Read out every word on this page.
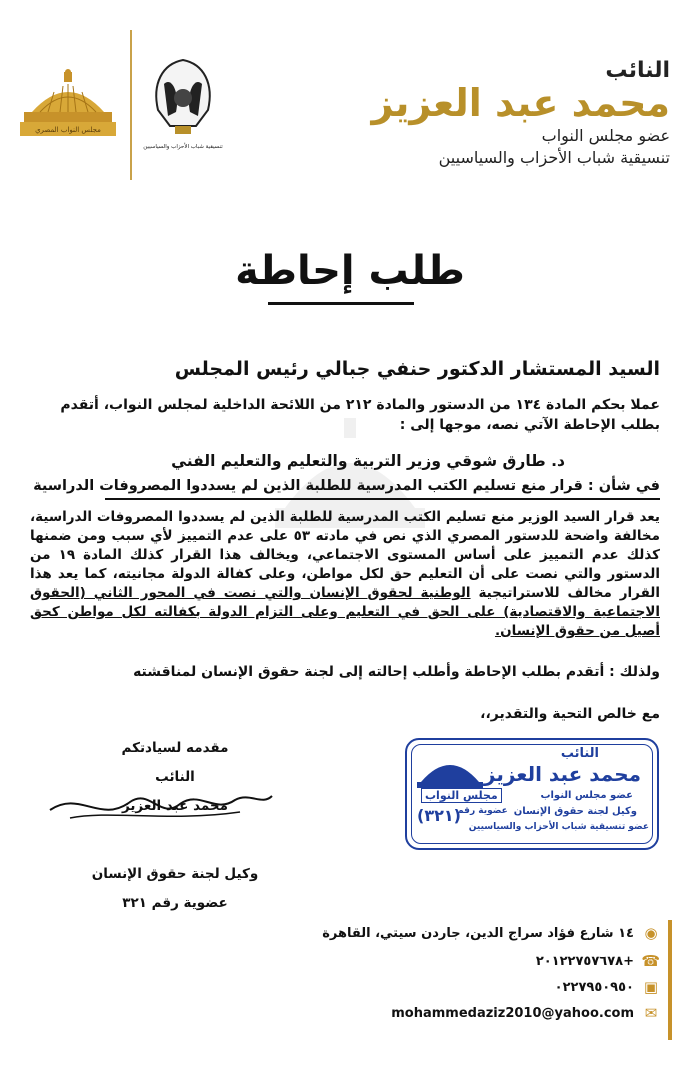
النائب
محمد عبد العزيز
عضو مجلس النواب
تنسيقية شباب الأحزاب والسياسيين
مجلس النواب المصري
تنسيقية شباب الأحزاب والسياسيين
طلب إحاطة
السيد المستشار الدكتور حنفي جبالي رئيس المجلس
عملا بحكم المادة ١٣٤ من الدستور والمادة ٢١٢ من اللائحة الداخلية لمجلس النواب، أتقدم بطلب الإحاطة الآتي نصه، موجها إلى :
د. طارق شوقي وزير التربية والتعليم والتعليم الفني
في شأن : قرار منع تسليم الكتب المدرسية للطلبة الذين لم يسددوا المصروفات الدراسية
يعد قرار السيد الوزير منع تسليم الكتب المدرسية للطلبة الذين لم يسددوا المصروفات الدراسية، مخالفة واضحة للدستور المصري الذي نص في مادته ٥٣ على عدم التمييز لأي سبب ومن ضمنها كذلك عدم التمييز على أساس المستوى الاجتماعي، ويخالف هذا القرار كذلك المادة ١٩ من الدستور والتي نصت على أن التعليم حق لكل مواطن، وعلى كفالة الدولة مجانيته، كما يعد هذا القرار مخالف للاستراتيجية الوطنية لحقوق الإنسان والتي نصت في المحور الثاني (الحقوق الاجتماعية والاقتصادية) على الحق في التعليم وعلى التزام الدولة بكفالته لكل مواطن كحق أصيل من حقوق الإنسان.
ولذلك : أتقدم بطلب الإحاطة وأطلب إحالته إلى لجنة حقوق الإنسان لمناقشته
مع خالص التحية والتقدير،،
مقدمه لسيادتكم
النائب
محمد عبد العزيز
وكيل لجنة حقوق الإنسان
عضوية رقم ٣٢١
النائب
محمد عبد العزيز
عضو مجلس النواب
وكيل لجنة حقوق الإنسان
عضو تنسيقية شباب الأحزاب والسياسيين
مجلس النواب
عضوية رقم
(٣٢١)
◉
١٤ شارع فؤاد سراج الدين، جاردن سيتي، القاهرة
☎
+٢٠١٢٢٧٥٧٦٧٨
▣
٠٢٢٧٩٥٠٩٥٠
✉
mohammedaziz2010@yahoo.com
